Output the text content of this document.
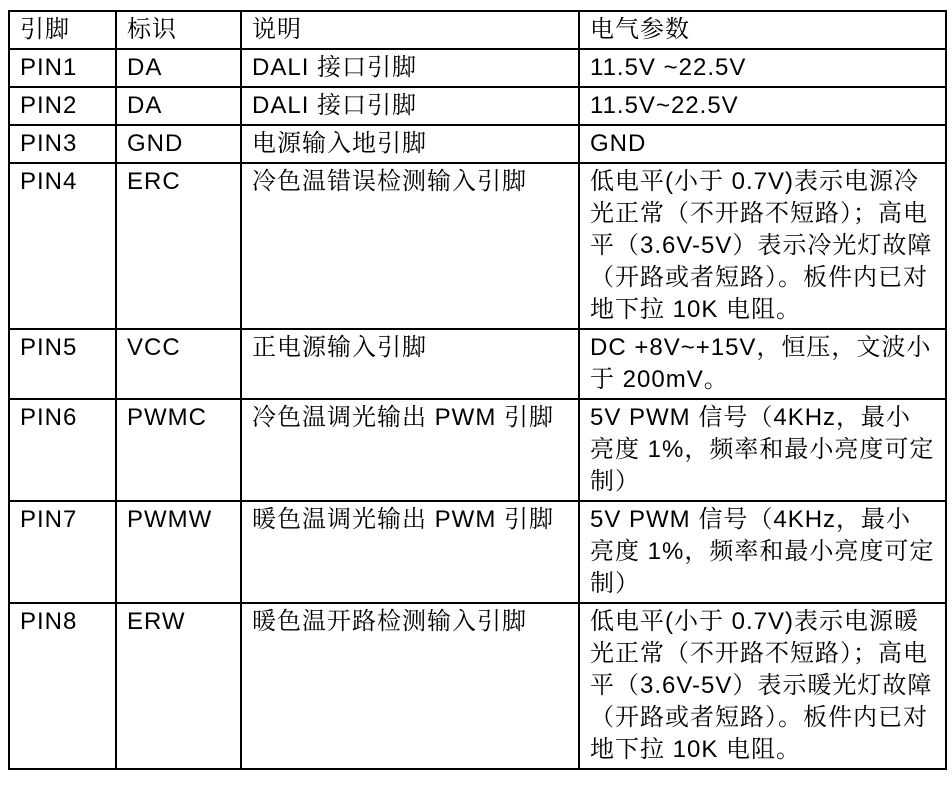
引脚	标识	说明	电气参数
PIN1	DA	DALI 接口引脚	11.5V ~22.5V
PIN2	DA	DALI 接口引脚	11.5V~22.5V
PIN3	GND	电源输入地引脚	GND
PIN4	ERC	冷色温错误检测输入引脚	低电平(小于 0.7V)表示电源冷光正常（不开路不短路）；高电平（3.6V-5V）表示冷光灯故障（开路或者短路）。板件内已对地下拉 10K 电阻。
PIN5	VCC	正电源输入引脚	DC +8V~+15V，恒压，文波小于 200mV。
PIN6	PWMC	冷色温调光输出 PWM 引脚	5V PWM 信号（4KHz，最小亮度 1%，频率和最小亮度可定制）
PIN7	PWMW	暖色温调光输出 PWM 引脚	5V PWM 信号（4KHz，最小亮度 1%，频率和最小亮度可定制）
PIN8	ERW	暖色温开路检测输入引脚	低电平(小于 0.7V)表示电源暖光正常（不开路不短路）；高电平（3.6V-5V）表示暖光灯故障（开路或者短路）。板件内已对地下拉 10K 电阻。
